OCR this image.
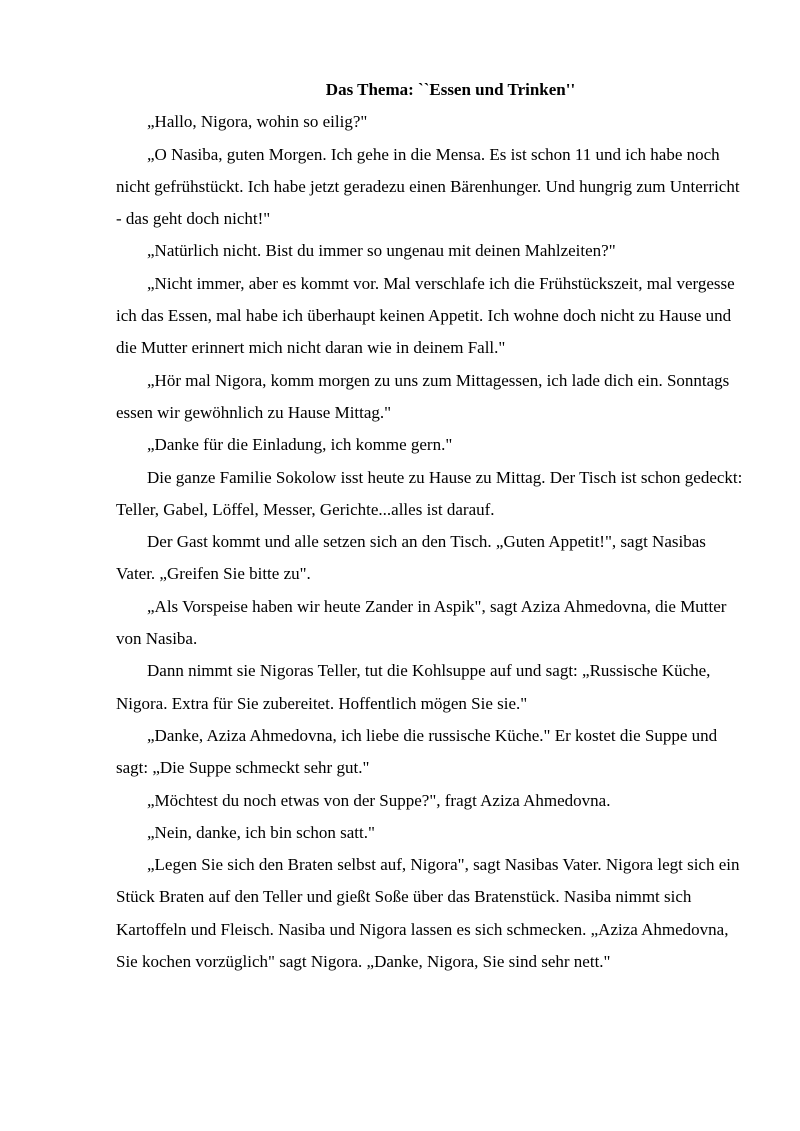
Das Thema: ``Essen und Trinken''

„Hallo, Nigora, wohin so eilig?"

„O Nasiba, guten Morgen. Ich gehe in die Mensa. Es ist schon 11 und ich habe noch nicht gefrühstückt. Ich habe jetzt geradezu einen Bärenhunger. Und hungrig zum Unterricht - das geht doch nicht!"

„Natürlich nicht. Bist du immer so ungenau mit deinen Mahlzeiten?"

„Nicht immer, aber es kommt vor. Mal verschlafe ich die Frühstückszeit, mal vergesse ich das Essen, mal habe ich überhaupt keinen Appetit. Ich wohne doch nicht zu Hause und die Mutter erinnert mich nicht daran wie in deinem Fall."

„Hör mal Nigora, komm morgen zu uns zum Mittagessen, ich lade dich ein. Sonntags essen wir gewöhnlich zu Hause Mittag."

„Danke für die Einladung, ich komme gern."

Die ganze Familie Sokolow isst heute zu Hause zu Mittag. Der Tisch ist schon gedeckt: Teller, Gabel, Löffel, Messer, Gerichte...alles ist darauf.

Der Gast kommt und alle setzen sich an den Tisch. „Guten Appetit!", sagt Nasibas Vater. „Greifen Sie bitte zu".

„Als Vorspeise haben wir heute Zander in Aspik", sagt Aziza Ahmedovna, die Mutter von Nasiba.

Dann nimmt sie Nigoras Teller, tut die Kohlsuppe auf und sagt: „Russische Küche, Nigora. Extra für Sie zubereitet. Hoffentlich mögen Sie sie."

„Danke, Aziza Ahmedovna, ich liebe die russische Küche." Er kostet die Suppe und sagt: „Die Suppe schmeckt sehr gut."

„Möchtest du noch etwas von der Suppe?", fragt Aziza Ahmedovna.

„Nein, danke, ich bin schon satt."

„Legen Sie sich den Braten selbst auf, Nigora", sagt Nasibas Vater. Nigora legt sich ein Stück Braten auf den Teller und gießt Soße über das Bratenstück. Nasiba nimmt sich Kartoffeln und Fleisch. Nasiba und Nigora lassen es sich schmecken. „Aziza Ahmedovna, Sie kochen vorzüglich" sagt Nigora. „Danke, Nigora, Sie sind sehr nett."
